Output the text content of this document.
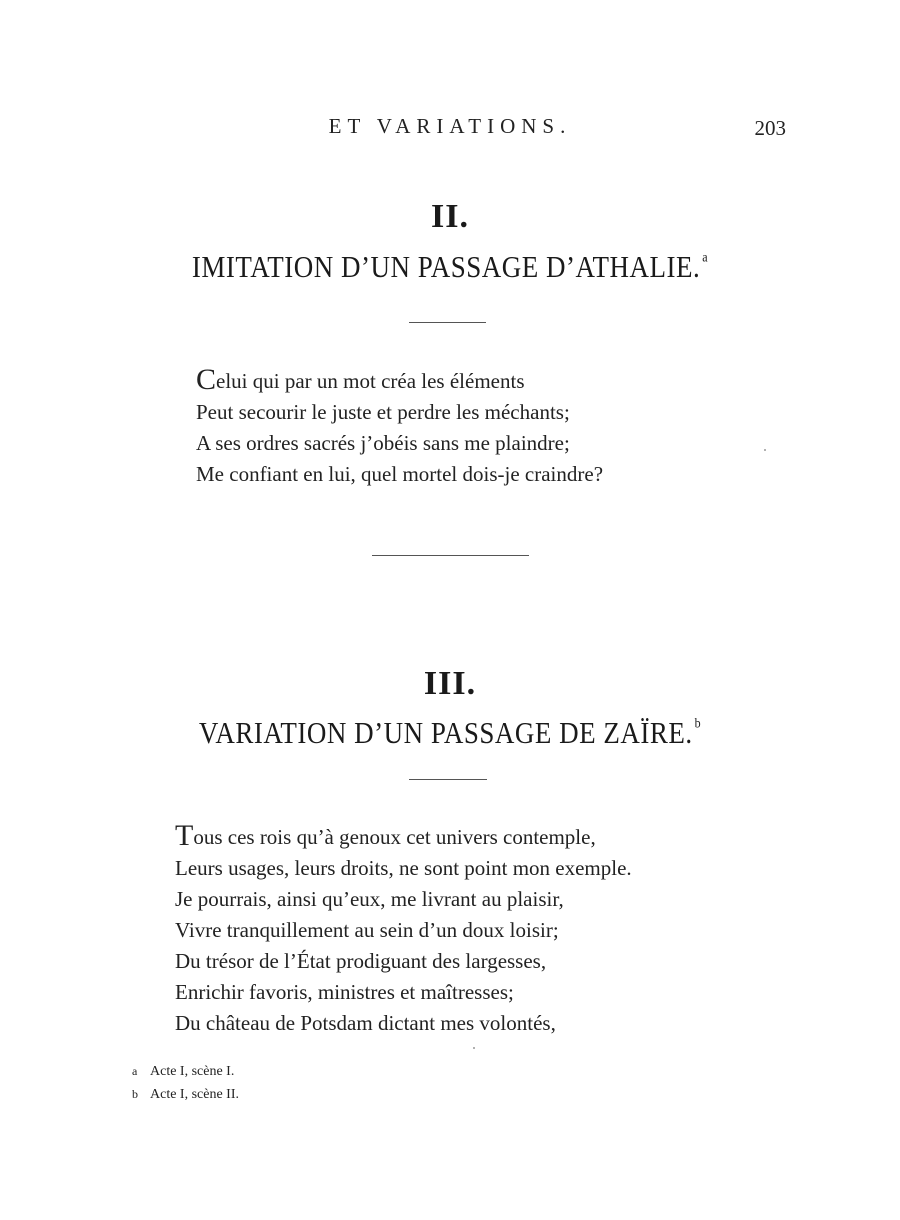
ET VARIATIONS.	203
II.
IMITATION D’UN PASSAGE D’ATHALIE. $^a$
Celui qui par un mot créa les éléments
Peut secourir le juste et perdre les méchants;
A ses ordres sacrés j’obéis sans me plaindre;
Me confiant en lui, quel mortel dois-je craindre?
III.
VARIATION D’UN PASSAGE DE ZAÏRE. $^b$
Tous ces rois qu’à genoux cet univers contemple,
Leurs usages, leurs droits, ne sont point mon exemple.
Je pourrais, ainsi qu’eux, me livrant au plaisir,
Vivre tranquillement au sein d’un doux loisir;
Du trésor de l’État prodiguant des largesses,
Enrichir favoris, ministres et maîtresses;
Du château de Potsdam dictant mes volontés,
a Acte I, scène I.
b Acte I, scène II.
